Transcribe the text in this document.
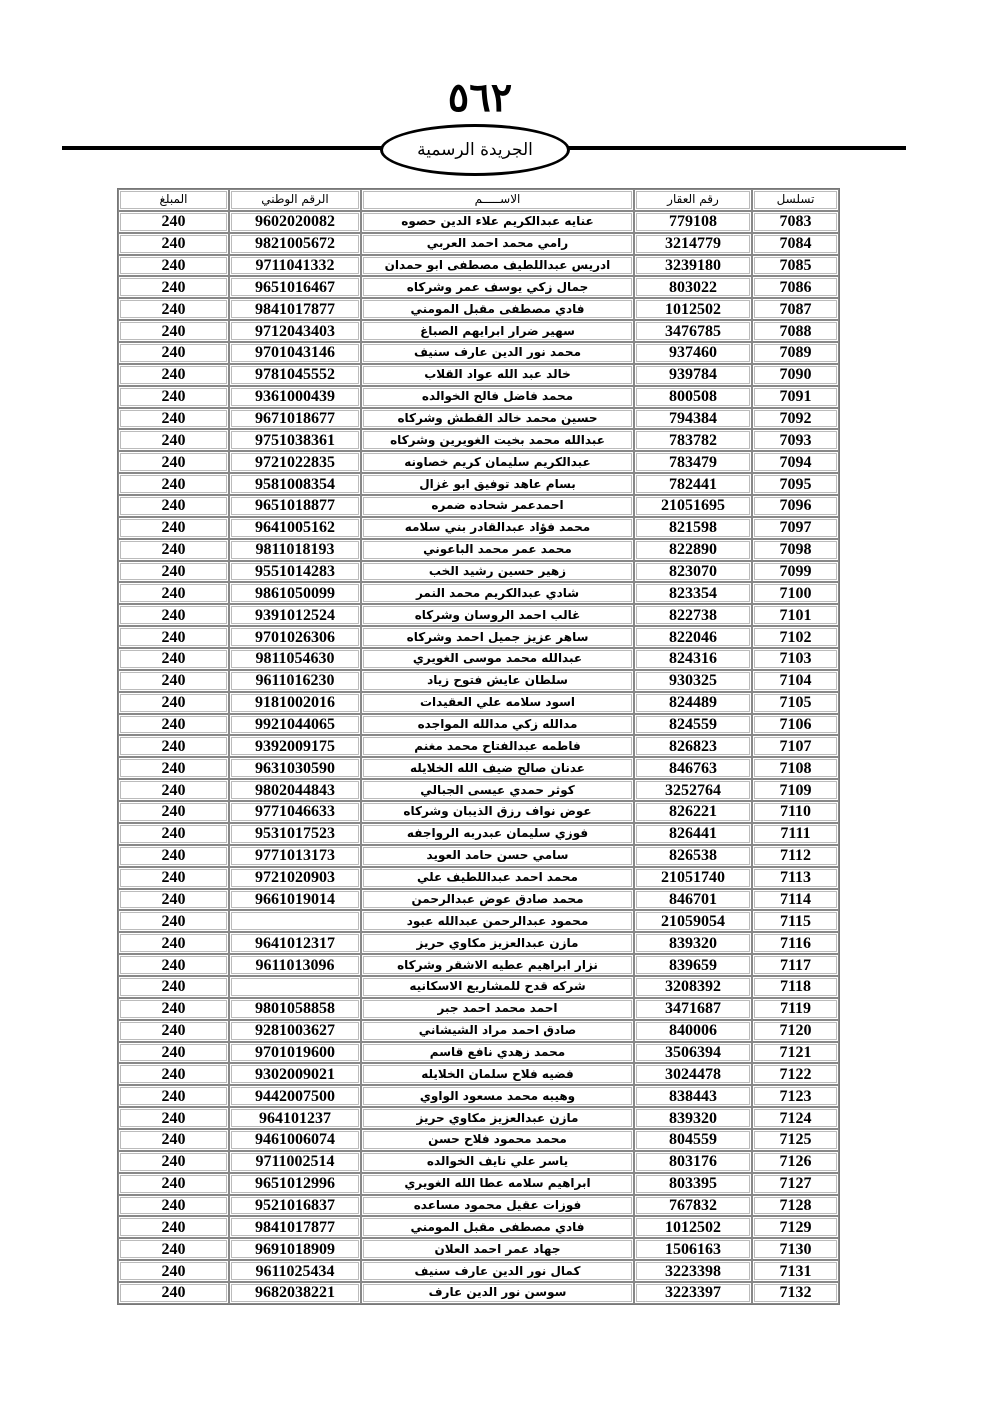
٥٦٢
الجريدة الرسمية
تسلسل	رقم العقار	الاســـــم	الرقم الوطني	المبلغ
7083	779108	عنايه عبدالكريم علاء الدين حصوه	9602020082	240
7084	3214779	رامي محمد احمد العربي	9821005672	240
7085	3239180	ادريس عبداللطيف مصطفى ابو حمدان	9711041332	240
7086	803022	جمال زكي يوسف عمر وشركاه	9651016467	240
7087	1012502	فادي مصطفى مقبل المومني	9841017877	240
7088	3476785	سهير ضرار ابرايهم الصباغ	9712043403	240
7089	937460	محمد نور الدين عارف سنيف	9701043146	240
7090	939784	خالد عبد الله عواد القلاب	9781045552	240
7091	800508	محمد فاضل فالح الخوالده	9361000439	240
7092	794384	حسين محمد خالد القطش وشركاه	9671018677	240
7093	783782	عبدالله محمد بخيت الغويرين وشركاه	9751038361	240
7094	783479	عبدالكريم سليمان كريم خصاونه	9721022835	240
7095	782441	بسام عاهد توفيق ابو غزال	9581008354	240
7096	21051695	احمدعمر شحاده ضمره	9651018877	240
7097	821598	محمد فؤاد عبدالقادر بني سلامه	9641005162	240
7098	822890	محمد عمر محمد الباعوني	9811018193	240
7099	823070	زهير حسين رشيد الخب	9551014283	240
7100	823354	شادي عبدالكريم محمد النمر	9861050099	240
7101	822738	غالب احمد الروسان وشركاه	9391012524	240
7102	822046	ساهر عزيز جميل احمد وشركاه	9701026306	240
7103	824316	عبدالله محمد موسى الغويري	9811054630	240
7104	930325	سلطان عايش فتوح زياد	9611016230	240
7105	824489	اسود سلامه علي العقيدات	9181002016	240
7106	824559	مدالله زكي مدالله المواجده	9921044065	240
7107	826823	فاطمه عبدالفتاح محمد مغنم	9392009175	240
7108	846763	عدنان صالح ضيف الله الخلايله	9631030590	240
7109	3252764	كوثر حمدي عيسى الجبالي	9802044843	240
7110	826221	عوض نواف رزق الذيبان وشركاه	9771046633	240
7111	826441	فوزي سليمان عبدربه الرواجفه	9531017523	240
7112	826538	سامي حسن حامد العويد	9771013173	240
7113	21051740	محمد احمد عبداللطيف علي	9721020903	240
7114	846701	محمد صادق عوض عبدالرحمن	9661019014	240
7115	21059054	محمود عبدالرحمن عبدالله عبود		240
7116	839320	مازن عبدالعزيز مكاوي حريز	9641012317	240
7117	839659	نزار ابراهيم عطيه الاشقر وشركاه	9611013096	240
7118	3208392	شركه قدح للمشاريع الاسكانيه		240
7119	3471687	احمد محمد احمد جبر	9801058858	240
7120	840006	صادق احمد مراد الشيشاني	9281003627	240
7121	3506394	محمد زهدي نافع قاسم	9701019600	240
7122	3024478	فضيه فلاح سلمان الخلايله	9302009021	240
7123	838443	وهيبه محمد مسعود الواوي	9442007500	240
7124	839320	مازن عبدالعزيز مكاوي حريز	964101237	240
7125	804559	محمد محمود فلاح حسن	9461006074	240
7126	803176	ياسر علي نايف الخوالده	9711002514	240
7127	803395	ابراهيم سلامه عطا الله الغويري	9651012996	240
7128	767832	فوزات عقيل محمود مساعده	9521016837	240
7129	1012502	فادي مصطفى مقبل المومني	9841017877	240
7130	1506163	جهاد عمر احمد العلان	9691018909	240
7131	3223398	كمال نور الدين عارف سنيف	9611025434	240
7132	3223397	سوسن نور الدين عارف	9682038221	240
